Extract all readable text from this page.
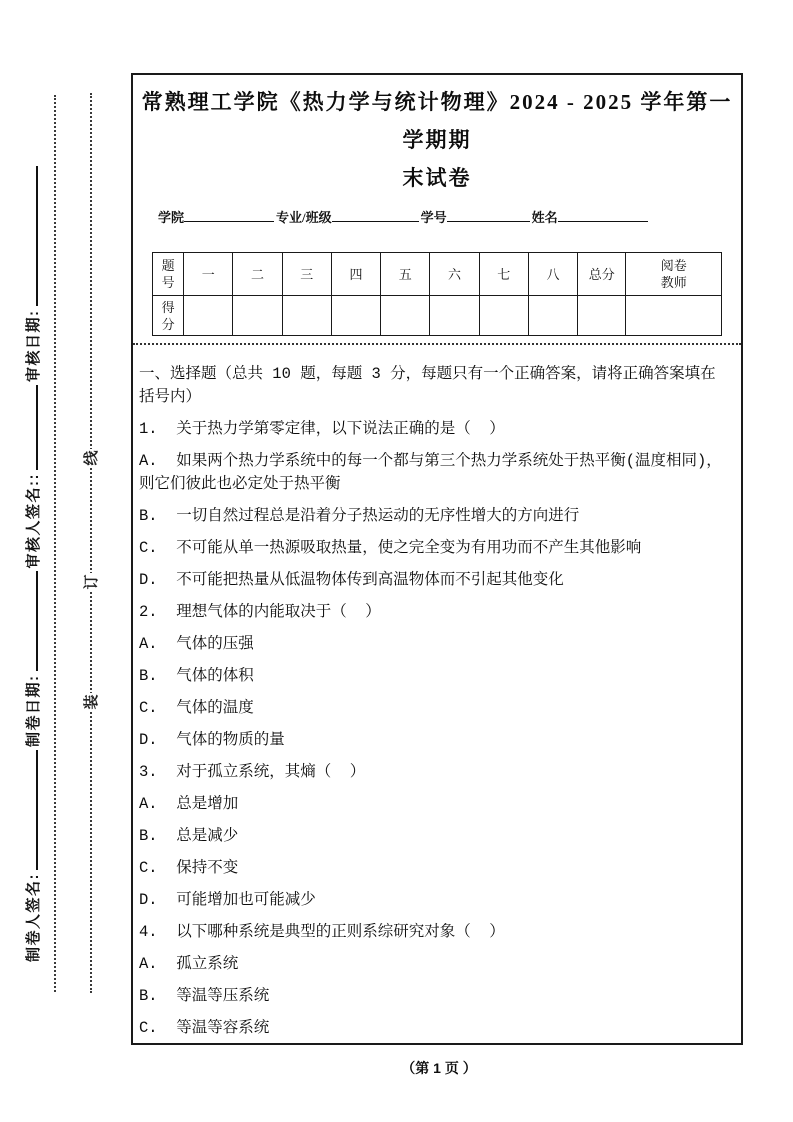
制卷人签名:制卷日期:审核人签名::审核日期:
线
订
装
常熟理工学院《热力学与统计物理》2024 - 2025 学年第一学期期
末试卷
学院	专业/班级	学号	姓名
题号	一	二	三	四	五	六	七	八	总分	阅卷教师
得分										

一、选择题（总共 10 题，每题 3 分，每题只有一个正确答案，请将正确答案填在括号内）

1.  关于热力学第零定律，以下说法正确的是（  ）

A.  如果两个热力学系统中的每一个都与第三个热力学系统处于热平衡(温度相同)，则它们彼此也必定处于热平衡

B.  一切自然过程总是沿着分子热运动的无序性增大的方向进行

C.  不可能从单一热源吸取热量，使之完全变为有用功而不产生其他影响

D.  不可能把热量从低温物体传到高温物体而不引起其他变化

2.  理想气体的内能取决于（  ）

A.  气体的压强

B.  气体的体积

C.  气体的温度

D.  气体的物质的量

3.  对于孤立系统，其熵（  ）

A.  总是增加

B.  总是减少

C.  保持不变

D.  可能增加也可能减少

4.  以下哪种系统是典型的正则系综研究对象（  ）

A.  孤立系统

B.  等温等压系统

C.  等温等容系统

（第 1 页 ）
